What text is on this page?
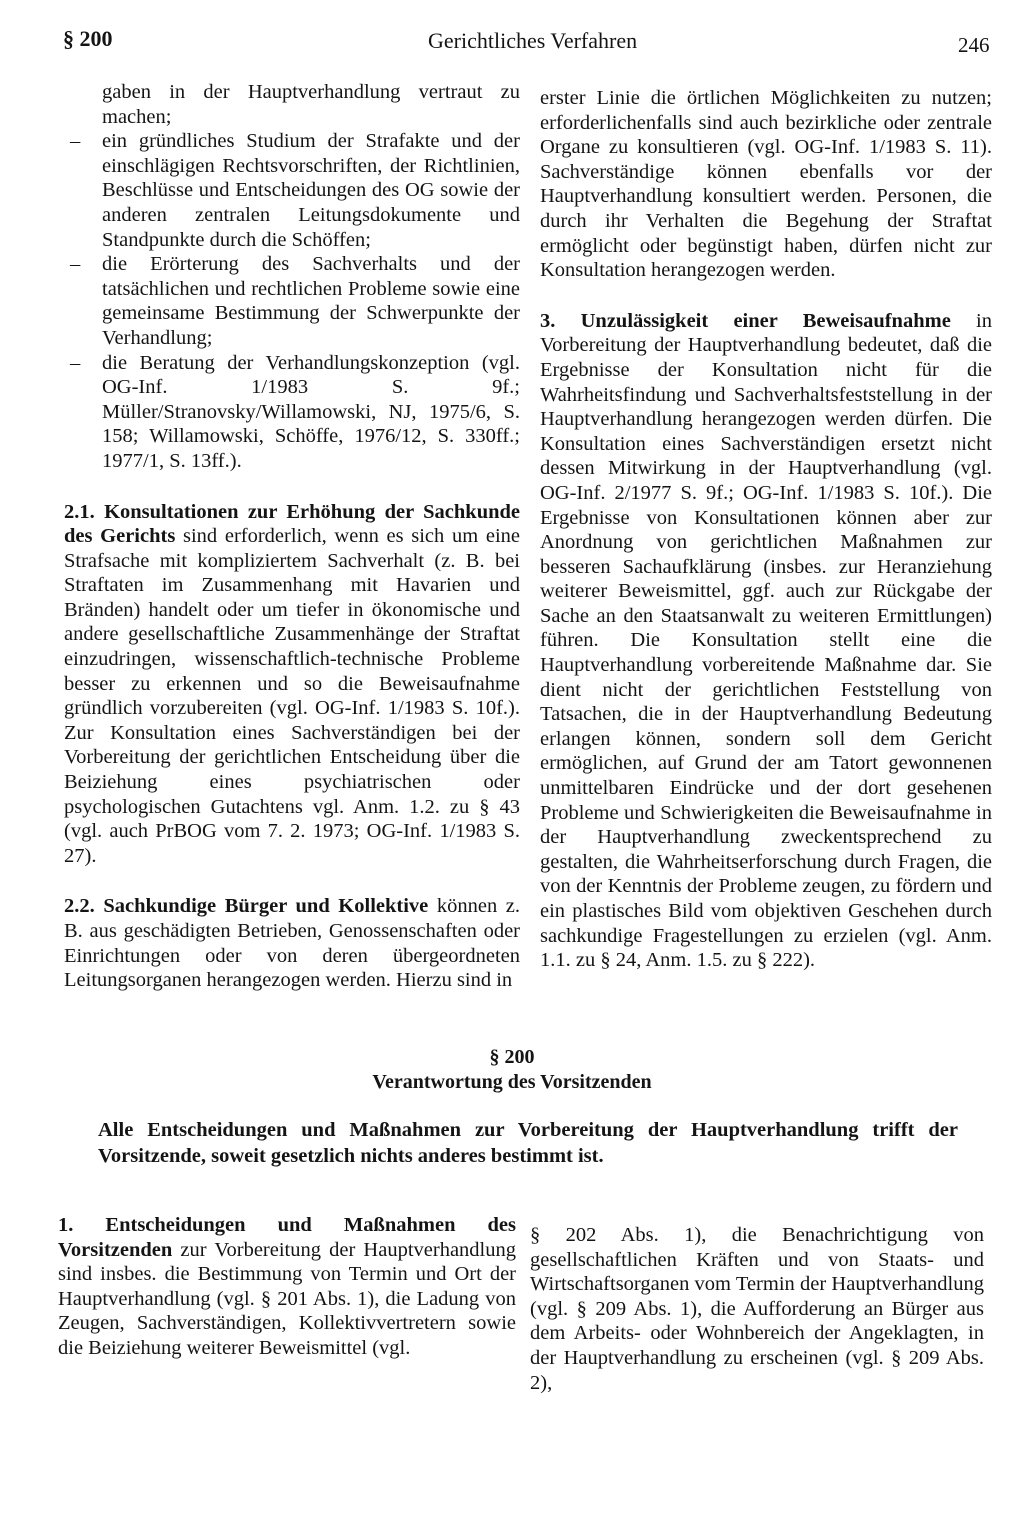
§ 200	Gerichtliches Verfahren	246

gaben in der Hauptverhandlung vertraut zu machen;

– ein gründliches Studium der Strafakte und der einschlägigen Rechtsvorschriften, der Richtlinien, Beschlüsse und Entscheidungen des OG sowie der anderen zentralen Leitungsdokumente und Standpunkte durch die Schöffen;

– die Erörterung des Sachverhalts und der tatsächlichen und rechtlichen Probleme sowie eine gemeinsame Bestimmung der Schwerpunkte der Verhandlung;

– die Beratung der Verhandlungskonzeption (vgl. OG-Inf. 1/1983 S. 9f.; Müller/Stranovsky/Willamowski, NJ, 1975/6, S. 158; Willamowski, Schöffe, 1976/12, S. 330ff.; 1977/1, S. 13ff.).

2.1. Konsultationen zur Erhöhung der Sachkunde des Gerichts sind erforderlich, wenn es sich um eine Strafsache mit kompliziertem Sachverhalt (z. B. bei Straftaten im Zusammenhang mit Havarien und Bränden) handelt oder um tiefer in ökonomische und andere gesellschaftliche Zusammenhänge der Straftat einzudringen, wissenschaftlich-technische Probleme besser zu erkennen und so die Beweisaufnahme gründlich vorzubereiten (vgl. OG-Inf. 1/1983 S. 10f.). Zur Konsultation eines Sachverständigen bei der Vorbereitung der gerichtlichen Entscheidung über die Beiziehung eines psychiatrischen oder psychologischen Gutachtens vgl. Anm. 1.2. zu § 43 (vgl. auch PrBOG vom 7. 2. 1973; OG-Inf. 1/1983 S. 27).

2.2. Sachkundige Bürger und Kollektive können z. B. aus geschädigten Betrieben, Genossenschaften oder Einrichtungen oder von deren übergeordneten Leitungsorganen herangezogen werden. Hierzu sind in

erster Linie die örtlichen Möglichkeiten zu nutzen; erforderlichenfalls sind auch bezirkliche oder zentrale Organe zu konsultieren (vgl. OG-Inf. 1/1983 S. 11). Sachverständige können ebenfalls vor der Hauptverhandlung konsultiert werden. Personen, die durch ihr Verhalten die Begehung der Straftat ermöglicht oder begünstigt haben, dürfen nicht zur Konsultation herangezogen werden.

3. Unzulässigkeit einer Beweisaufnahme in Vorbereitung der Hauptverhandlung bedeutet, daß die Ergebnisse der Konsultation nicht für die Wahrheitsfindung und Sachverhaltsfeststellung in der Hauptverhandlung herangezogen werden dürfen. Die Konsultation eines Sachverständigen ersetzt nicht dessen Mitwirkung in der Hauptverhandlung (vgl. OG-Inf. 2/1977 S. 9f.; OG-Inf. 1/1983 S. 10f.). Die Ergebnisse von Konsultationen können aber zur Anordnung von gerichtlichen Maßnahmen zur besseren Sachaufklärung (insbes. zur Heranziehung weiterer Beweismittel, ggf. auch zur Rückgabe der Sache an den Staatsanwalt zu weiteren Ermittlungen) führen. Die Konsultation stellt eine die Hauptverhandlung vorbereitende Maßnahme dar. Sie dient nicht der gerichtlichen Feststellung von Tatsachen, die in der Hauptverhandlung Bedeutung erlangen können, sondern soll dem Gericht ermöglichen, auf Grund der am Tatort gewonnenen unmittelbaren Eindrücke und der dort gesehenen Probleme und Schwierigkeiten die Beweisaufnahme in der Hauptverhandlung zweckentsprechend zu gestalten, die Wahrheitserforschung durch Fragen, die von der Kenntnis der Probleme zeugen, zu fördern und ein plastisches Bild vom objektiven Geschehen durch sachkundige Fragestellungen zu erzielen (vgl. Anm. 1.1. zu § 24, Anm. 1.5. zu § 222).

§ 200
Verantwortung des Vorsitzenden
Alle Entscheidungen und Maßnahmen zur Vorbereitung der Hauptverhandlung trifft der Vorsitzende, soweit gesetzlich nichts anderes bestimmt ist.

1. Entscheidungen und Maßnahmen des Vorsitzenden zur Vorbereitung der Hauptverhandlung sind insbes. die Bestimmung von Termin und Ort der Hauptverhandlung (vgl. § 201 Abs. 1), die Ladung von Zeugen, Sachverständigen, Kollektivvertretern sowie die Beiziehung weiterer Beweismittel (vgl.

§ 202 Abs. 1), die Benachrichtigung von gesellschaftlichen Kräften und von Staats- und Wirtschaftsorganen vom Termin der Hauptverhandlung (vgl. § 209 Abs. 1), die Aufforderung an Bürger aus dem Arbeits- oder Wohnbereich der Angeklagten, in der Hauptverhandlung zu erscheinen (vgl. § 209 Abs. 2),
